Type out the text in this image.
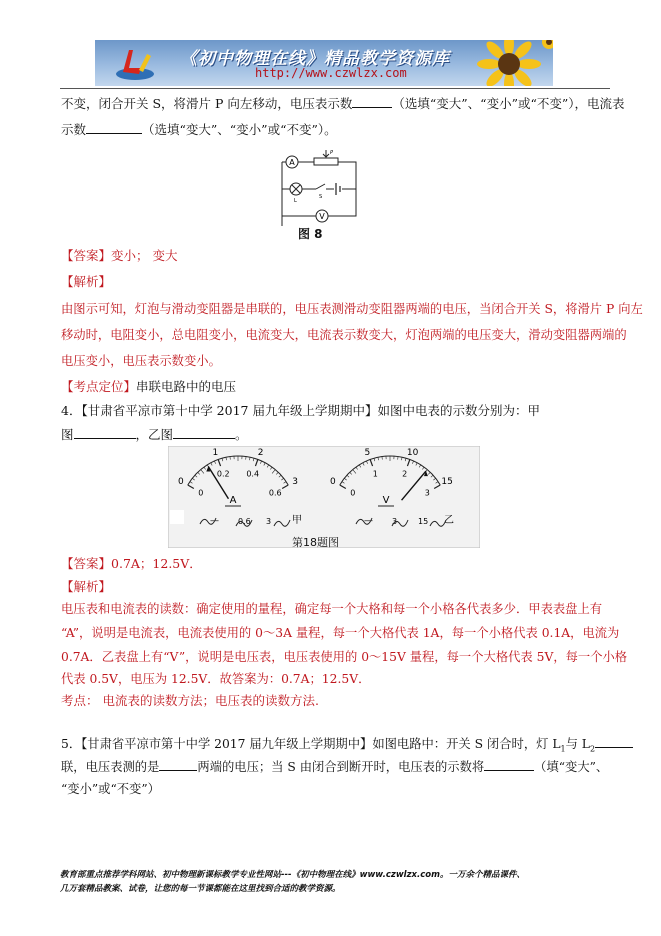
《初中物理在线》精品教学资源库
http://www.czwlzx.com
不变，闭合开关 S，将滑片 P 向左移动，电压表示数	（选填“变大”、“变小”或“不变”），电流表
示数	（选填“变大”、“变小”或“不变”）。
A
P
L
S
V
图 8
【答案】变小； 变大
【解析】
由图示可知，灯泡与滑动变阻器是串联的，电压表测滑动变阻器两端的电压，当闭合开关 S，将滑片 P 向左
移动时，电阻变小，总电阻变小，电流变大，电流表示数变大，灯泡两端的电压变大，滑动变阻器两端的
电压变小，电压表示数变小。
【考点定位】串联电路中的电压
4．【甘肃省平凉市第十中学 2017 届九年级上学期期中】如图中电表的示数分别为：甲
图	，乙图	。
A
— 0.6 3 甲
0
1	2
3
0
0.2 0.4
0.6
V
— 3	15 乙
0
5	10
15
0
1	2
3
第18题图
【答案】0.7A；12.5V．
【解析】
电压表和电流表的读数：确定使用的量程，确定每一个大格和每一个小格各代表多少．甲表表盘上有
“A”，说明是电流表，电流表使用的 0～3A 量程，每一个大格代表 1A，每一个小格代表 0.1A，电流为
0.7A．乙表盘上有“V”，说明是电压表，电压表使用的 0～15V 量程，每一个大格代表 5V，每一个小格
代表 0.5V，电压为 12.5V．故答案为：0.7A；12.5V．
考点： 电流表的读数方法；电压表的读数方法.
5．【甘肃省平凉市第十中学 2017 届九年级上学期期中】如图电路中：开关 S 闭合时，灯 $L_1$与 $L_2$
联，电压表测的是	两端的电压；当 S 由闭合到断开时，电压表的示数将	（填“变大”、
“变小”或“不变”）
教育部重点推荐学科网站、初中物理新课标教学专业性网站---《初中物理在线》www.czwlzx.com。一万余个精品课件、
几万套精品教案、试卷，让您的每一节课都能在这里找到合适的教学资源。
